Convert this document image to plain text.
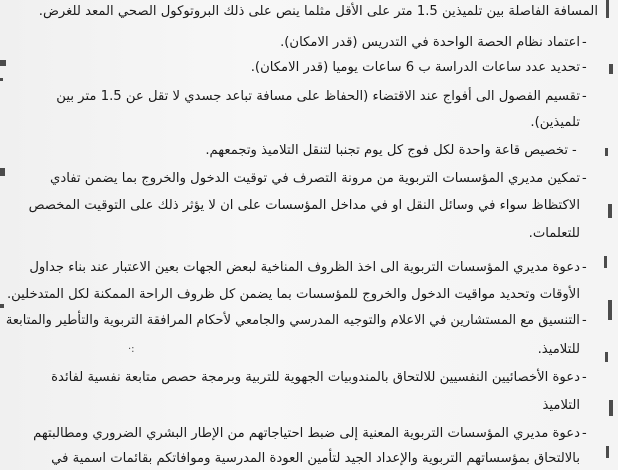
المسافة الفاصلة بين تلميذين 1.5 متر على الأقل مثلما ينص على ذلك البروتوكول الصحي المعد للغرض.
اعتماد نظام الحصة الواحدة في التدريس (قدر الامكان). -
تحديد عدد ساعات الدراسة ب 6 ساعات يوميا (قدر الامكان). -
تقسيم الفصول الى أفواج عند الاقتضاء (الحفاظ على مسافة تباعد جسدي لا تقل عن 1.5 متر بين -
تلميذين).
تخصيص قاعة واحدة لكل فوج كل يوم تجنبا لتنقل التلاميذ وتجمعهم. -
تمكين مديري المؤسسات التربوية من مرونة التصرف في توقيت الدخول والخروج بما يضمن تفادي -
الاكتظاظ سواء في وسائل النقل او في مداخل المؤسسات على ان لا يؤثر ذلك على التوقيت المخصص
للتعلمات.
دعوة مديري المؤسسات التربوية الى اخذ الظروف المناخية لبعض الجهات بعين الاعتبار عند بناء جداول -
الأوقات وتحديد مواقيت الدخول والخروج للمؤسسات بما يضمن كل ظروف الراحة الممكنة لكل المتدخلين.
التنسيق مع المستشارين في الاعلام والتوجيه المدرسي والجامعي لأحكام المرافقة التربوية والتأطير والمتابعة -
للتلاميذ.
دعوة الأخصائيين النفسيين للالتحاق بالمندوبيات الجهوية للتربية وبرمجة حصص متابعة نفسية لفائدة -
التلاميذ
دعوة مديري المؤسسات التربوية المعنية إلى ضبط احتياجاتهم من الإطار البشري الضروري ومطالبتهم -
بالالتحاق بمؤسساتهم التربوية والإعداد الجيد لتأمين العودة المدرسية وموافاتكم بقائمات اسمية في
·:
